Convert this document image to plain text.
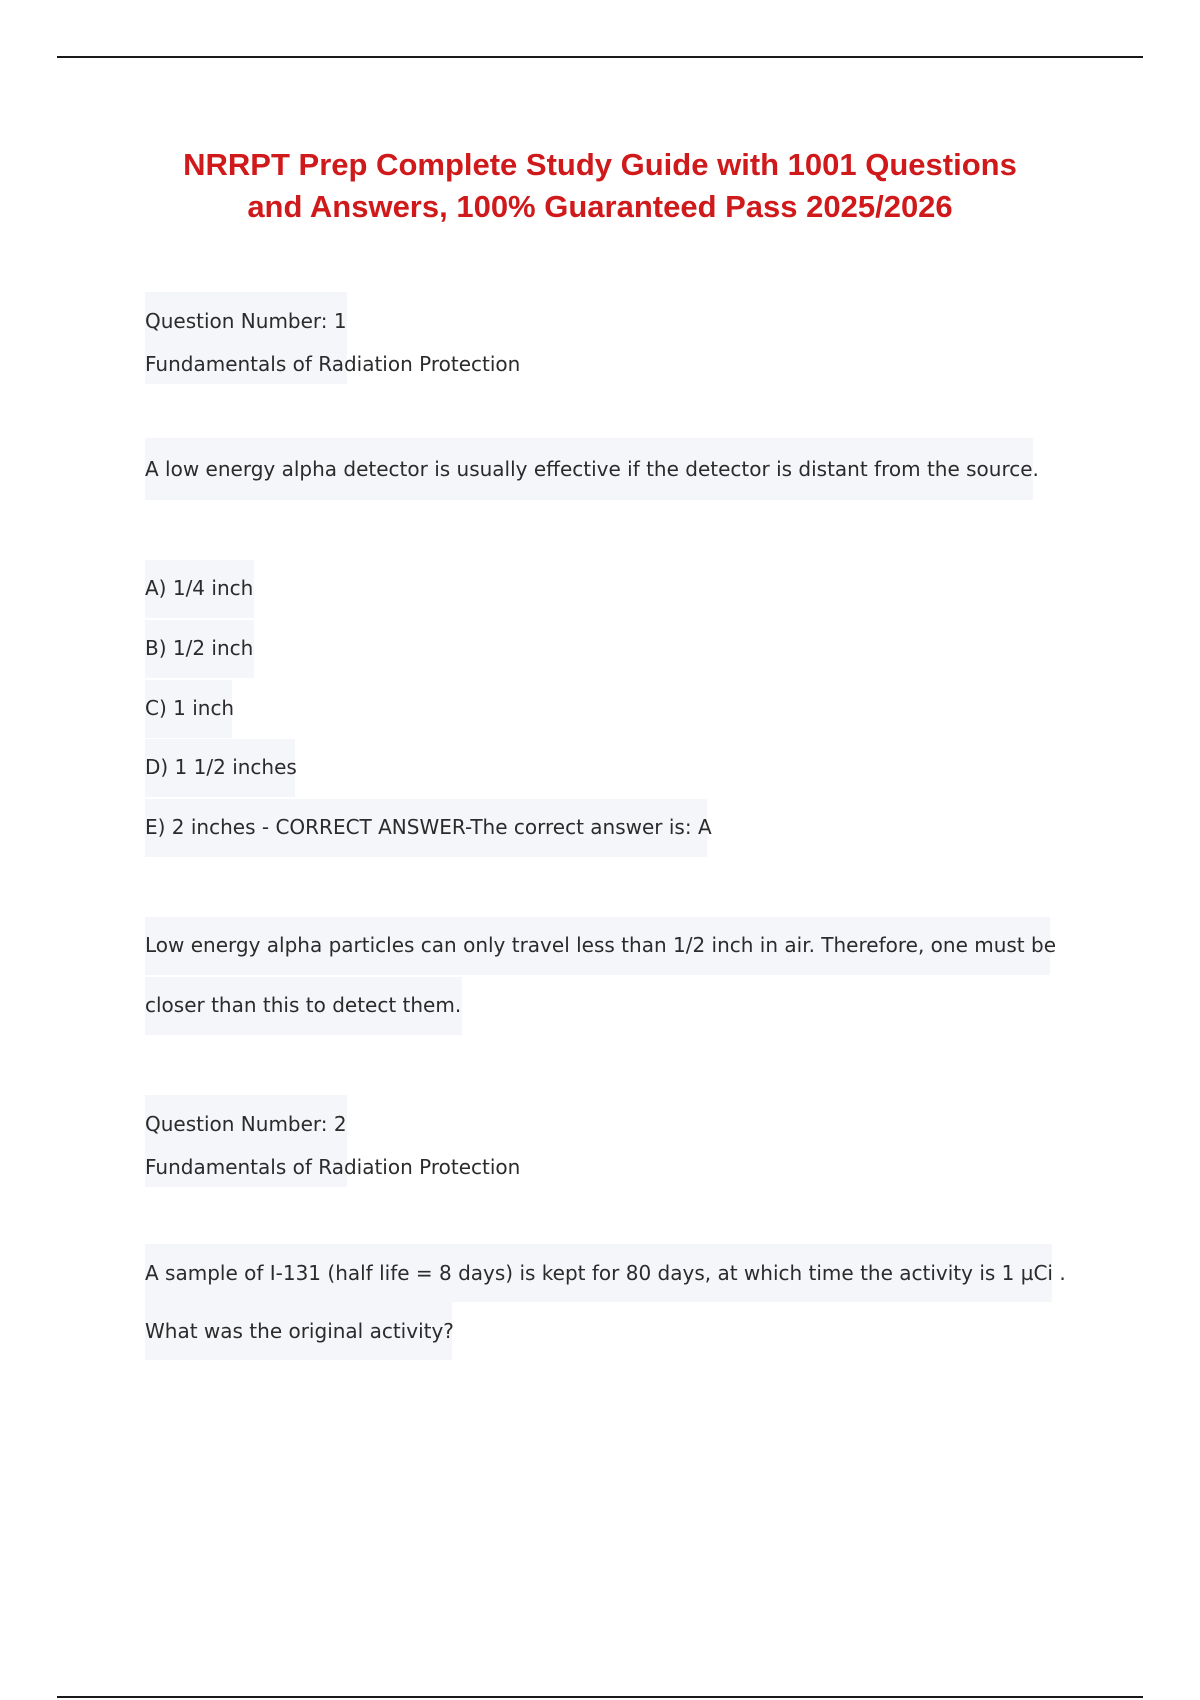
NRRPT Prep Complete Study Guide with 1001 Questions
and Answers, 100% Guaranteed Pass 2025/2026
Question Number: 1
Fundamentals of Radiation Protection
A low energy alpha detector is usually effective if the detector is distant from the source.
A) 1/4 inch
B) 1/2 inch
C) 1 inch
D) 1 1/2 inches
E) 2 inches - CORRECT ANSWER-The correct answer is: A
Low energy alpha particles can only travel less than 1/2 inch in air. Therefore, one must be
closer than this to detect them.
Question Number: 2
Fundamentals of Radiation Protection
A sample of I-131 (half life = 8 days) is kept for 80 days, at which time the activity is 1 µCi .
What was the original activity?
